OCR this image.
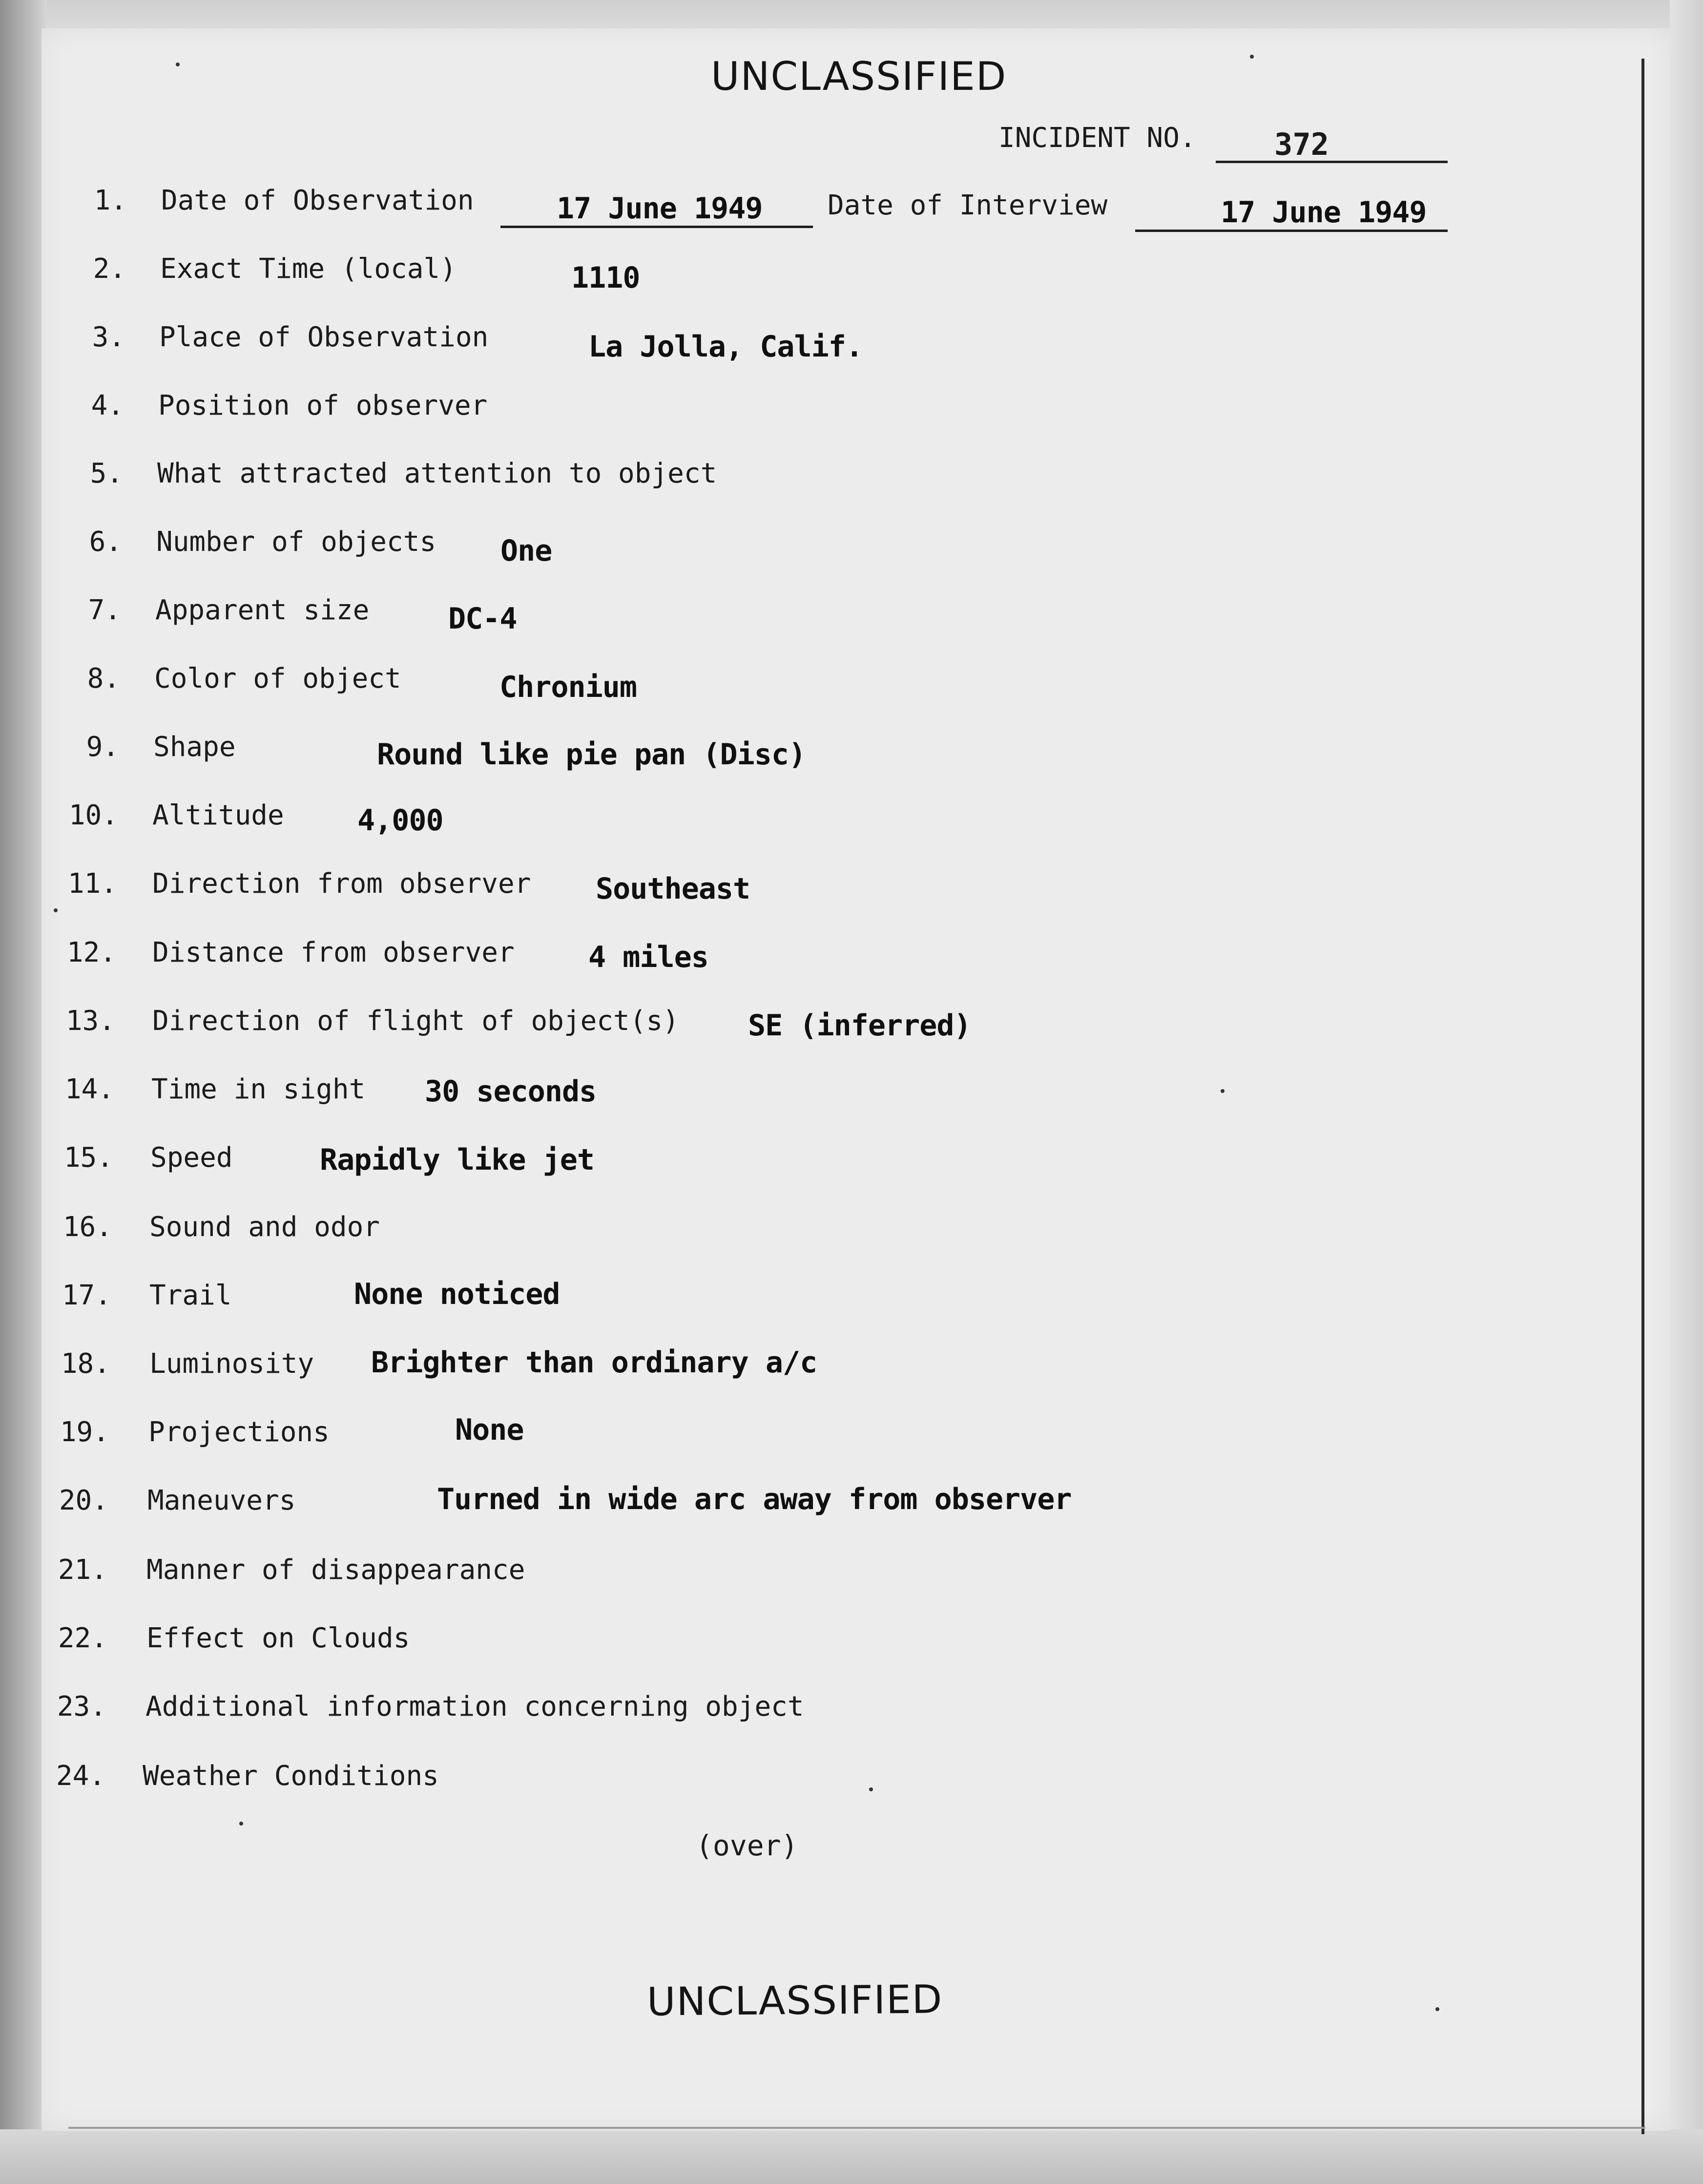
UNCLASSIFIED
INCIDENT NO.	372
1. Date of Observation	17 June 1949 Date of Interview	17 June 1949
2. Exact Time (local)	1110
3. Place of Observation	La Jolla, Calif.
4. Position of observer
5. What attracted attention to object
6. Number of objects One
7. Apparent size	DC-4
8. Color of object	Chronium
9. Shape	Round like pie pan (Disc)
10. Altitude	4,000
11. Direction from observer Southeast
12. Distance from observer	4 miles
13. Direction of flight of object(s) SE (inferred)
14. Time in sight 30 seconds
15. Speed	Rapidly like jet
16. Sound and odor
17. Trail	None noticed
18. Luminosity Brighter than ordinary a/c
19. Projections	None
20. Maneuvers	Turned in wide arc away from observer
21. Manner of disappearance
22. Effect on Clouds
23. Additional information concerning object
24. Weather Conditions
(over)
UNCLASSIFIED
